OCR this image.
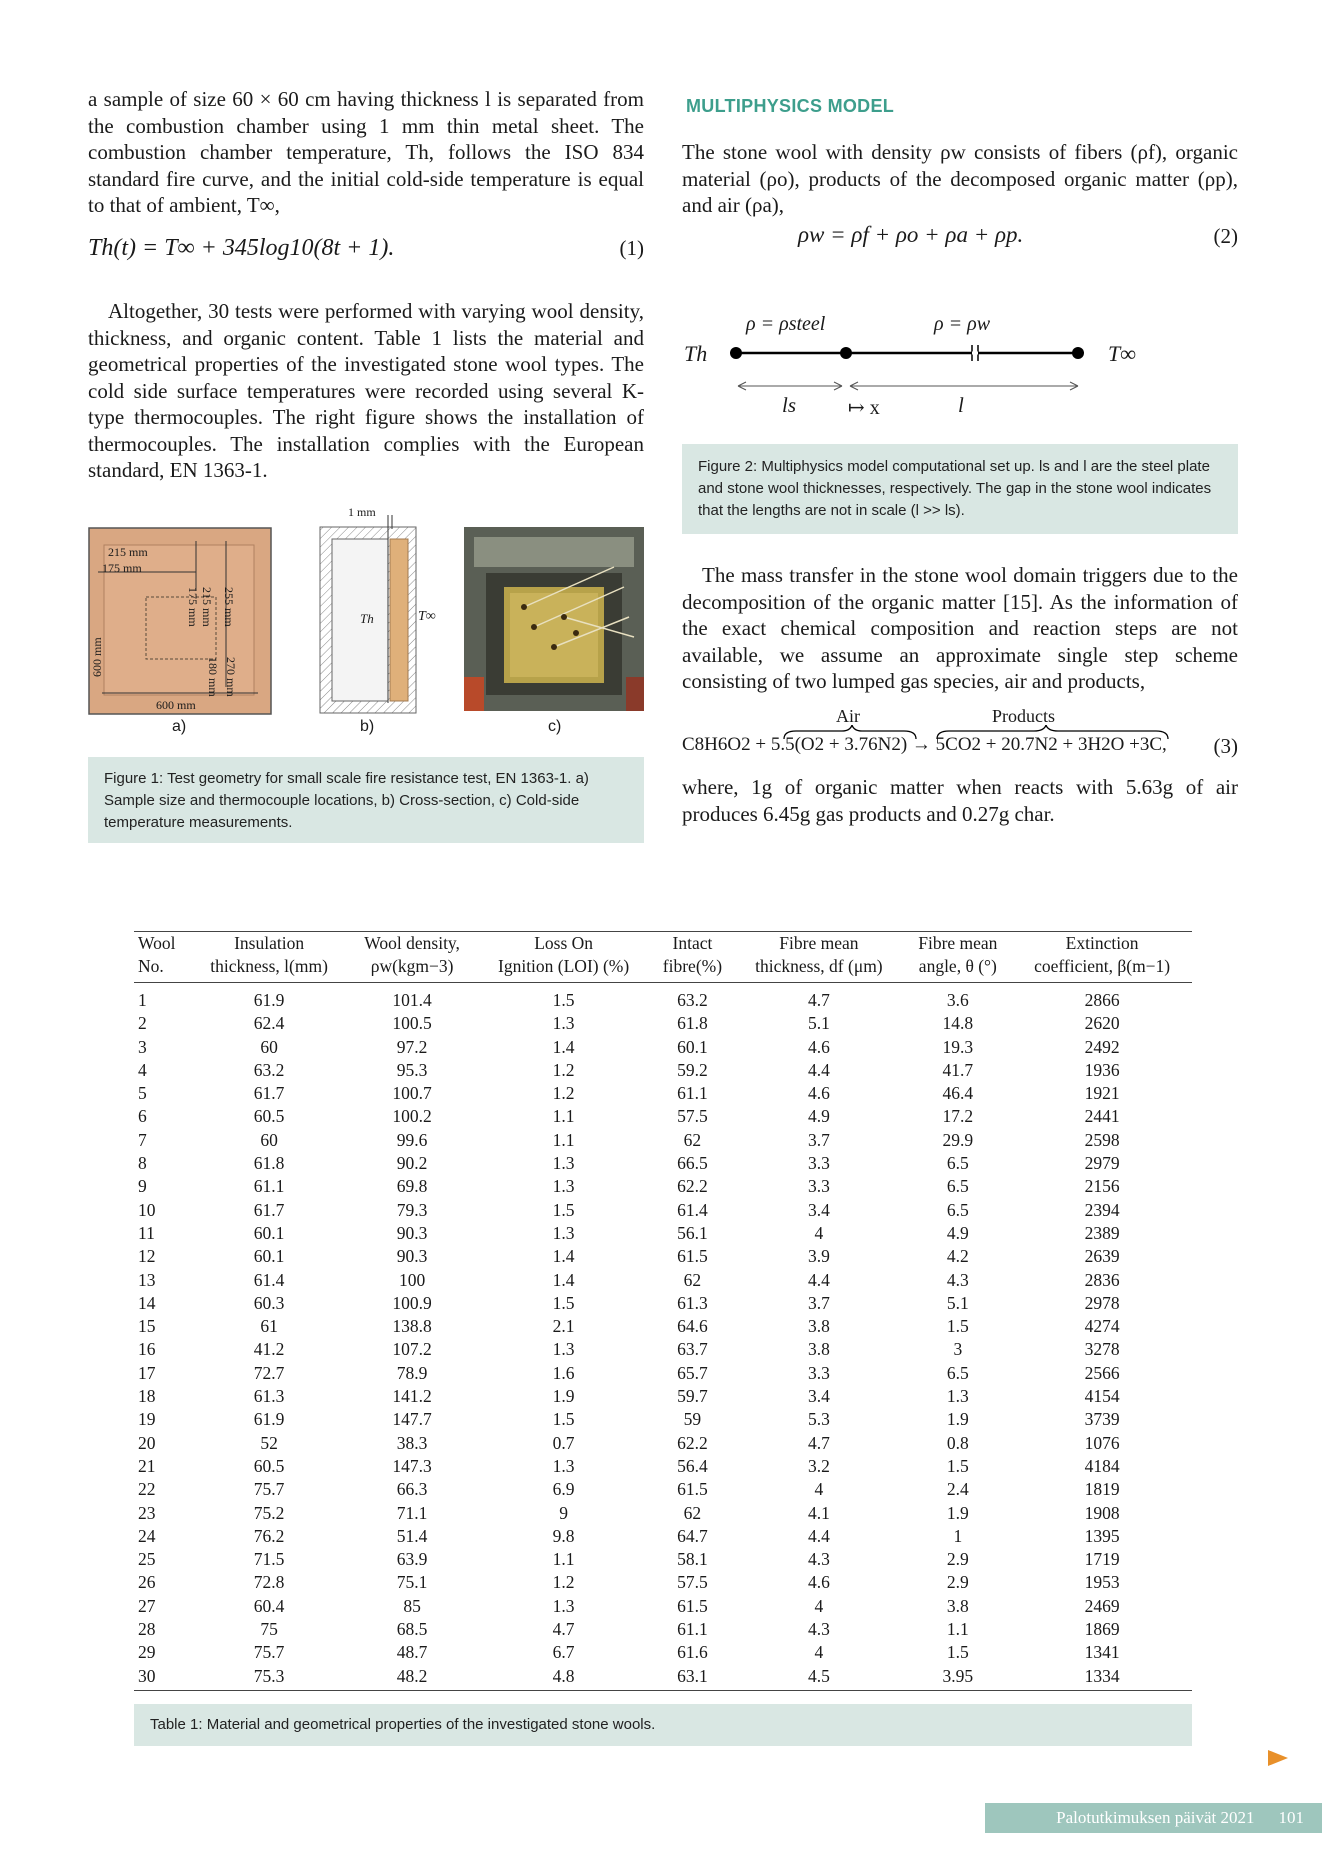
a sample of size 60 × 60 cm having thickness l is separated from the combustion chamber using 1 mm thin metal sheet. The combustion chamber temperature, Th, follows the ISO 834 standard fire curve, and the initial cold-side temperature is equal to that of ambient, T∞,

Th(t) = T∞ + 345log10(8t + 1).	(1)

Altogether, 30 tests were performed with varying wool density, thickness, and organic content. Table 1 lists the material and geometrical properties of the investigated stone wool types. The cold side surface temperatures were recorded using several K-type thermocouples. The right figure shows the installation of thermocouples. The installation complies with the European standard, EN 1363-1.

215 mm
175 mm
175 mm 215 mm 255 mm
180 mm 270 mm
600 mm
600 mm
a)
1 mm
Th	T∞
b)	c)
Figure 1: Test geometry for small scale fire resistance test, EN 1363-1. a) Sample size and thermocouple locations, b) Cross-section, c) Cold-side temperature measurements.
MULTIPHYSICS MODEL

The stone wool with density ρw consists of fibers (ρf), organic material (ρo), products of the decomposed organic matter (ρp), and air (ρa),

ρw = ρf + ρo + ρa + ρp.	(2)
ρ = ρsteel	ρ = ρw
Th	T∞
ls	↦ x	l
Figure 2: Multiphysics model computational set up. ls and l are the steel plate and stone wool thicknesses, respectively. The gap in the stone wool indicates that the lengths are not in scale (l >> ls).

The mass transfer in the stone wool domain triggers due to the decomposition of the organic matter [15]. As the information of the exact chemical composition and reaction steps are not available, we assume an approximate single step scheme consisting of two lumped gas species, air and products,

Air	Products
C8H6O2 + 5.5(O2 + 3.76N2) → 5CO2 + 20.7N2 + 3H2O +3C, (3)

where, 1g of organic matter when reacts with 5.63g of air produces 6.45g gas products and 0.27g char.

Wool	Insulation	Wool density,	Loss On	Intact	Fibre mean	Fibre mean	Extinction
No.	thickness, l(mm)	ρw(kgm−3)	Ignition (LOI) (%)	fibre(%)	thickness, df (μm)	angle, θ (°)	coefficient, β(m−1)
1	61.9	101.4	1.5	63.2	4.7	3.6	2866
2	62.4	100.5	1.3	61.8	5.1	14.8	2620
3	60	97.2	1.4	60.1	4.6	19.3	2492
4	63.2	95.3	1.2	59.2	4.4	41.7	1936
5	61.7	100.7	1.2	61.1	4.6	46.4	1921
6	60.5	100.2	1.1	57.5	4.9	17.2	2441
7	60	99.6	1.1	62	3.7	29.9	2598
8	61.8	90.2	1.3	66.5	3.3	6.5	2979
9	61.1	69.8	1.3	62.2	3.3	6.5	2156
10	61.7	79.3	1.5	61.4	3.4	6.5	2394
11	60.1	90.3	1.3	56.1	4	4.9	2389
12	60.1	90.3	1.4	61.5	3.9	4.2	2639
13	61.4	100	1.4	62	4.4	4.3	2836
14	60.3	100.9	1.5	61.3	3.7	5.1	2978
15	61	138.8	2.1	64.6	3.8	1.5	4274
16	41.2	107.2	1.3	63.7	3.8	3	3278
17	72.7	78.9	1.6	65.7	3.3	6.5	2566
18	61.3	141.2	1.9	59.7	3.4	1.3	4154
19	61.9	147.7	1.5	59	5.3	1.9	3739
20	52	38.3	0.7	62.2	4.7	0.8	1076
21	60.5	147.3	1.3	56.4	3.2	1.5	4184
22	75.7	66.3	6.9	61.5	4	2.4	1819
23	75.2	71.1	9	62	4.1	1.9	1908
24	76.2	51.4	9.8	64.7	4.4	1	1395
25	71.5	63.9	1.1	58.1	4.3	2.9	1719
26	72.8	75.1	1.2	57.5	4.6	2.9	1953
27	60.4	85	1.3	61.5	4	3.8	2469
28	75	68.5	4.7	61.1	4.3	1.1	1869
29	75.7	48.7	6.7	61.6	4	1.5	1341
30	75.3	48.2	4.8	63.1	4.5	3.95	1334
Table 1: Material and geometrical properties of the investigated stone wools.
Palotutkimuksen päivät 2021 101
